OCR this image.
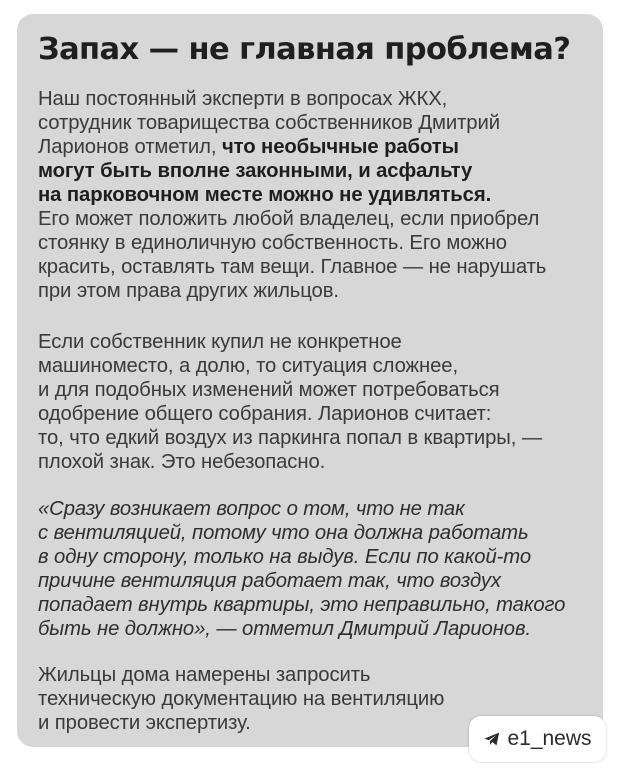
Запах — не главная проблема?

Наш постоянный эксперти в вопросах ЖКХ,
сотрудник товарищества собственников Дмитрий
Ларионов отметил, что необычные работы
могут быть вполне законными, и асфальту
на парковочном месте можно не удивляться.
Его может положить любой владелец, если приобрел
стоянку в единоличную собственность. Его можно
красить, оставлять там вещи. Главное — не нарушать
при этом права других жильцов.

Если собственник купил не конкретное
машиноместо, а долю, то ситуация сложнее,
и для подобных изменений может потребоваться
одобрение общего собрания. Ларионов считает:
то, что едкий воздух из паркинга попал в квартиры, —
плохой знак. Это небезопасно.

«Сразу возникает вопрос о том, что не так
с вентиляцией, потому что она должна работать
в одну сторону, только на выдув. Если по какой-то
причине вентиляция работает так, что воздух
попадает внутрь квартиры, это неправильно, такого
быть не должно», — отметил Дмитрий Ларионов.

Жильцы дома намерены запросить
техническую документацию на вентиляцию
и провести экспертизу.

e1_news
